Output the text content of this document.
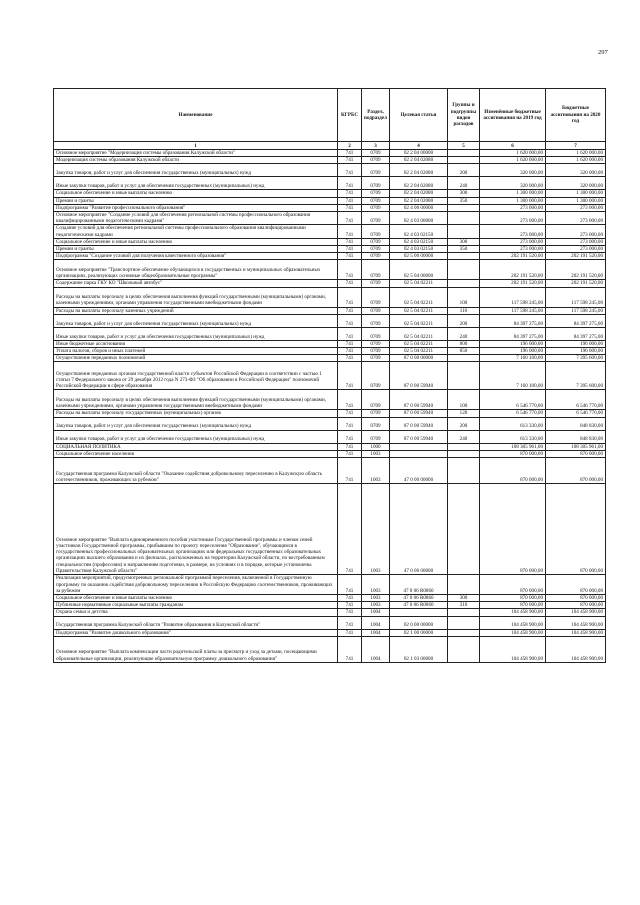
297
Наименование	КГРБС	Раздел, подраздел	Целевая статья	Группы и подгруппы видов расходов	Изменённые бюджетные ассигнования на 2019 год	Бюджетные ассигнования на 2020 год
1	2	3	4	5	6	7
Основное мероприятие "Модернизация системы образования Калужской области"	741	0709	02 2 04 00000		1 620 000,00	1 620 000,00
Модернизация системы образования Калужской области	741	0709	02 2 04 02080		1 620 000,00	1 620 000,00
Закупка товаров, работ и услуг для обеспечения государственных (муниципальных) нужд	741	0709	02 2 04 02080	200	320 000,00	320 000,00
Иные закупки товаров, работ и услуг для обеспечения государственных (муниципальных) нужд	741	0709	02 2 04 02080	240	320 000,00	320 000,00
Социальное обеспечение и иные выплаты населению	741	0709	02 2 04 02080	300	1 300 000,00	1 300 000,00
Премии и гранты	741	0709	02 2 04 02080	350	1 300 000,00	1 300 000,00
Подпрограмма "Развитие профессионального образования"	741	0709	02 4 00 00000		273 000,00	273 000,00
Основное мероприятие "Создание условий для обеспечения региональной системы профессионального образования квалифицированными педагогическими кадрами"	741	0709	02 4 03 00000		273 000,00	273 000,00
Создание условий для обеспечения региональной системы профессионального образования квалифицированными педагогическими кадрами	741	0709	02 4 03 02150		273 000,00	273 000,00
Социальное обеспечение и иные выплаты населению	741	0709	02 4 03 02150	300	273 000,00	273 000,00
Премии и гранты	741	0709	02 4 03 02150	350	273 000,00	273 000,00
Подпрограмма "Создание условий для получения качественного образования"	741	0709	02 5 00 00000		202 191 520,00	202 191 520,00
Основное мероприятие "Транспортное обеспечение обучающихся в государственных и муниципальных образовательных организациях, реализующих основные общеобразовательные программы"	741	0709	02 5 04 00000		202 191 520,00	202 191 520,00
Содержание парка ГКУ КО "Школьный автобус"	741	0709	02 5 04 02211		202 191 520,00	202 191 520,00
Расходы на выплаты персоналу в целях обеспечения выполнения функций государственными (муниципальными) органами, казенными учреждениями, органами управления государственными внебюджетными фондами	741	0709	02 5 04 02211	100	117 598 245,00	117 598 245,00
Расходы на выплаты персоналу казенных учреждений	741	0709	02 5 04 02211	110	117 598 245,00	117 598 245,00
Закупка товаров, работ и услуг для обеспечения государственных (муниципальных) нужд	741	0709	02 5 04 02211	200	84 397 275,00	84 397 275,00
Иные закупки товаров, работ и услуг для обеспечения государственных (муниципальных) нужд	741	0709	02 5 04 02211	240	84 397 275,00	84 397 275,00
Иные бюджетные ассигнования	741	0709	02 5 04 02211	800	196 000,00	196 000,00
Уплата налогов, сборов и иных платежей	741	0709	02 5 04 02211	850	196 000,00	196 000,00
Осуществление переданных полномочий	741	0709	87 0 00 00000		7 160 100,00	7 395 600,00
Осуществление переданных органам государственной власти субъектов Российской Федерации в соответствии с частью 1 статьи 7 Федерального закона от 29 декабря 2012 года N 273-ФЗ "Об образовании в Российской Федерации" полномочий Российской Федерации в сфере образования	741	0709	87 0 00 59940		7 160 100,00	7 395 600,00
Расходы на выплаты персоналу в целях обеспечения выполнения функций государственными (муниципальными) органами, казенными учреждениями, органами управления государственными внебюджетными фондами	741	0709	87 0 00 59940	100	6 546 770,00	6 546 770,00
Расходы на выплаты персоналу государственных (муниципальных) органов	741	0709	87 0 00 59940	120	6 546 770,00	6 546 770,00
Закупка товаров, работ и услуг для обеспечения государственных (муниципальных) нужд	741	0709	87 0 00 59940	200	613 330,00	848 830,00
Иные закупки товаров, работ и услуг для обеспечения государственных (муниципальных) нужд	741	0709	87 0 00 59940	240	613 330,00	848 830,00
СОЦИАЛЬНАЯ ПОЛИТИКА	741	1000			108 305 961,00	108 305 961,00
Социальное обеспечение населения	741	1003			870 000,00	870 000,00
Государственная программа Калужской области "Оказание содействия добровольному переселению в Калужскую область соотечественников, проживающих за рубежом"	741	1003	47 0 00 00000		870 000,00	870 000,00
Основное мероприятие "Выплата единовременного пособия участникам Государственной программы и членам семей участников Государственной программы, прибывшим по проекту переселения "Образование", обучающимся в государственных профессиональных образовательных организациях или федеральных государственных образовательных организациях высшего образования и их филиалах, расположенных на территории Калужской области, по востребованным специальностям (профессиям) и направлениям подготовки, в размере, на условиях и в порядке, которые установлены Правительством Калужской области"	741	1003	47 0 06 00000		870 000,00	870 000,00
Реализация мероприятий, предусмотренных региональной программой переселения, включенной в Государственную программу по оказанию содействия добровольному переселению в Российскую Федерацию соотечественников, проживающих за рубежом	741	1003	47 0 06 R0860		870 000,00	870 000,00
Социальное обеспечение и иные выплаты населению	741	1003	47 0 06 R0860	300	870 000,00	870 000,00
Публичные нормативные социальные выплаты гражданам	741	1003	47 0 06 R0860	310	870 000,00	870 000,00
Охрана семьи и детства	741	1004			104 458 900,00	104 458 900,00
Государственная программа Калужской области "Развитие образования в Калужской области"	741	1004	02 0 00 00000		104 458 900,00	104 458 900,00
Подпрограмма "Развитие дошкольного образования"	741	1004	02 1 00 00000		104 458 900,00	104 458 900,00
Основное мероприятие "Выплата компенсации части родительской платы за присмотр и уход за детьми, посещающими образовательные организации, реализующие образовательную программу дошкольного образования"	741	1004	02 1 03 00000		104 458 900,00	104 458 900,00
